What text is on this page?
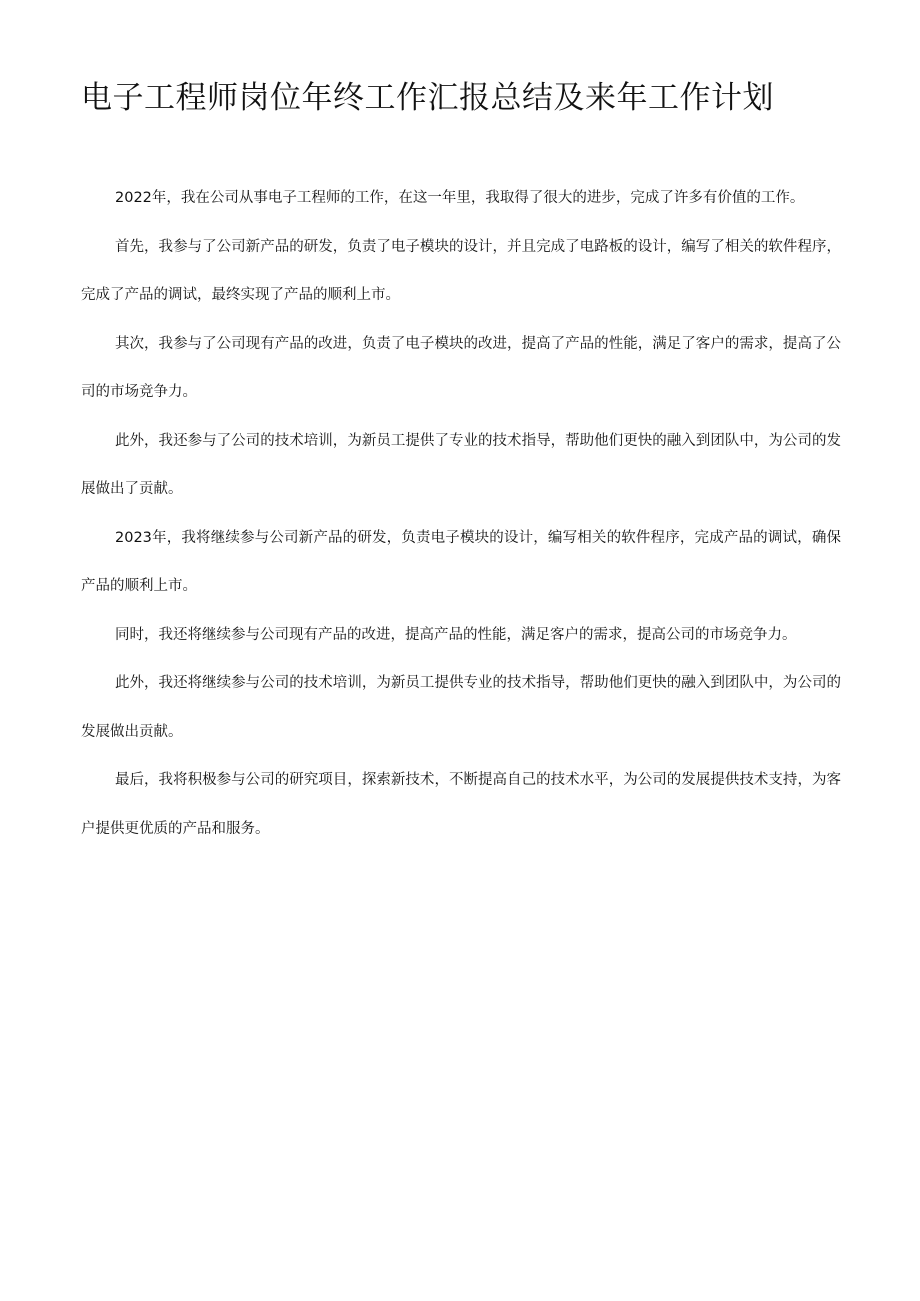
电子工程师岗位年终工作汇报总结及来年工作计划

2022年，我在公司从事电子工程师的工作，在这一年里，我取得了很大的进步，完成了许多有价值的工作。

首先，我参与了公司新产品的研发，负责了电子模块的设计，并且完成了电路板的设计，编写了相关的软件程序，完成了产品的调试，最终实现了产品的顺利上市。

其次，我参与了公司现有产品的改进，负责了电子模块的改进，提高了产品的性能，满足了客户的需求，提高了公司的市场竞争力。

此外，我还参与了公司的技术培训，为新员工提供了专业的技术指导，帮助他们更快的融入到团队中，为公司的发展做出了贡献。

2023年，我将继续参与公司新产品的研发，负责电子模块的设计，编写相关的软件程序，完成产品的调试，确保产品的顺利上市。

同时，我还将继续参与公司现有产品的改进，提高产品的性能，满足客户的需求，提高公司的市场竞争力。

此外，我还将继续参与公司的技术培训，为新员工提供专业的技术指导，帮助他们更快的融入到团队中，为公司的发展做出贡献。

最后，我将积极参与公司的研究项目，探索新技术，不断提高自己的技术水平，为公司的发展提供技术支持，为客户提供更优质的产品和服务。
